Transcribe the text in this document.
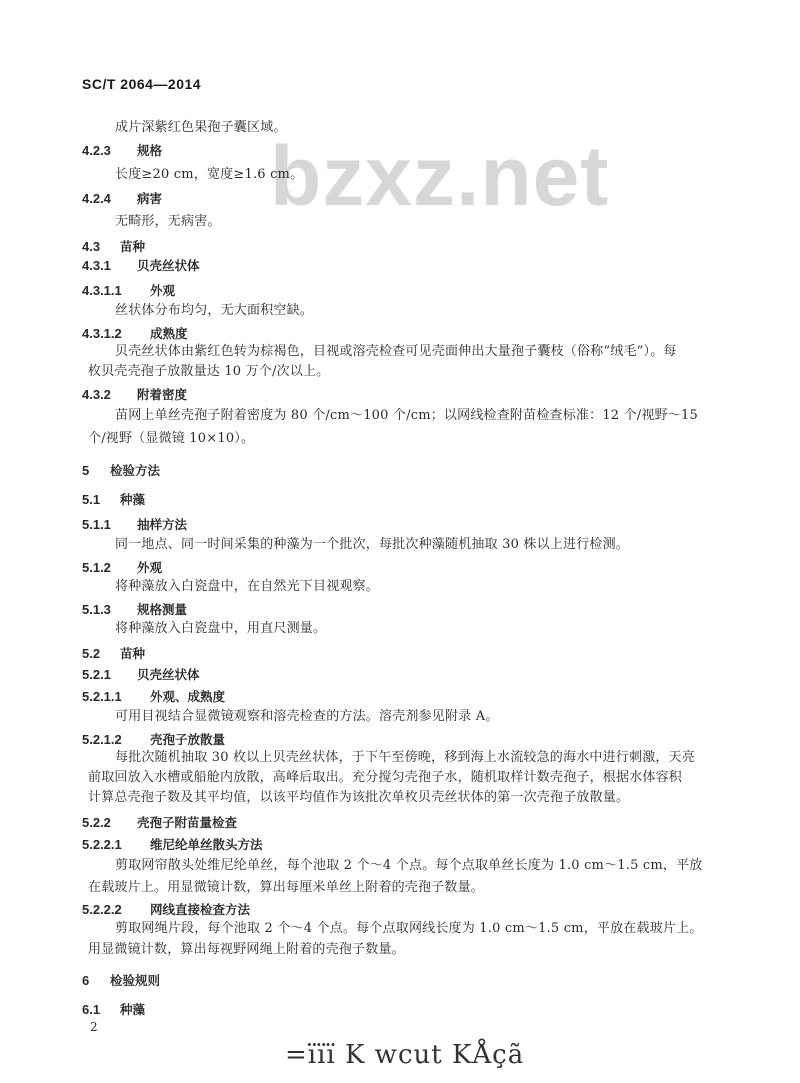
SC/T 2064—2014
bzxz.net
成片深紫红色果孢子囊区域。
4.2.3 规格
长度≥20 cm，宽度≥1.6 cm。
4.2.4 病害
无畸形，无病害。
4.3 苗种
4.3.1 贝壳丝状体
4.3.1.1 外观
丝状体分布均匀，无大面积空缺。
4.3.1.2 成熟度
贝壳丝状体由紫红色转为棕褐色，目视或溶壳检查可见壳面伸出大量孢子囊枝（俗称“绒毛”）。每
枚贝壳壳孢子放散量达 10 万个/次以上。
4.3.2 附着密度
苗网上单丝壳孢子附着密度为 80 个/cm～100 个/cm；以网线检查附苗检查标准：12 个/视野～15
个/视野（显微镜 10×10）。
5 检验方法
5.1 种藻
5.1.1 抽样方法
同一地点、同一时间采集的种藻为一个批次，每批次种藻随机抽取 30 株以上进行检测。
5.1.2 外观
将种藻放入白瓷盘中，在自然光下目视观察。
5.1.3 规格测量
将种藻放入白瓷盘中，用直尺测量。
5.2 苗种
5.2.1 贝壳丝状体
5.2.1.1 外观、成熟度
可用目视结合显微镜观察和溶壳检查的方法。溶壳剂参见附录 A。
5.2.1.2 壳孢子放散量
每批次随机抽取 30 枚以上贝壳丝状体，于下午至傍晚，移到海上水流较急的海水中进行刺激，天亮
前取回放入水槽或船舱内放散，高峰后取出。充分搅匀壳孢子水，随机取样计数壳孢子，根据水体容积
计算总壳孢子数及其平均值，以该平均值作为该批次单枚贝壳丝状体的第一次壳孢子放散量。
5.2.2 壳孢子附苗量检查
5.2.2.1 维尼纶单丝散头方法
剪取网帘散头处维尼纶单丝，每个池取 2 个～4 个点。每个点取单丝长度为 1.0 cm～1.5 cm，平放
在载玻片上。用显微镜计数，算出每厘米单丝上附着的壳孢子数量。
5.2.2.2 网线直接检查方法
剪取网绳片段，每个池取 2 个～4 个点。每个点取网线长度为 1.0 cm～1.5 cm，平放在载玻片上。
用显微镜计数，算出每视野网绳上附着的壳孢子数量。
6 检验规则
6.1 种藻
2
=ïïï K wcut KÅçã
